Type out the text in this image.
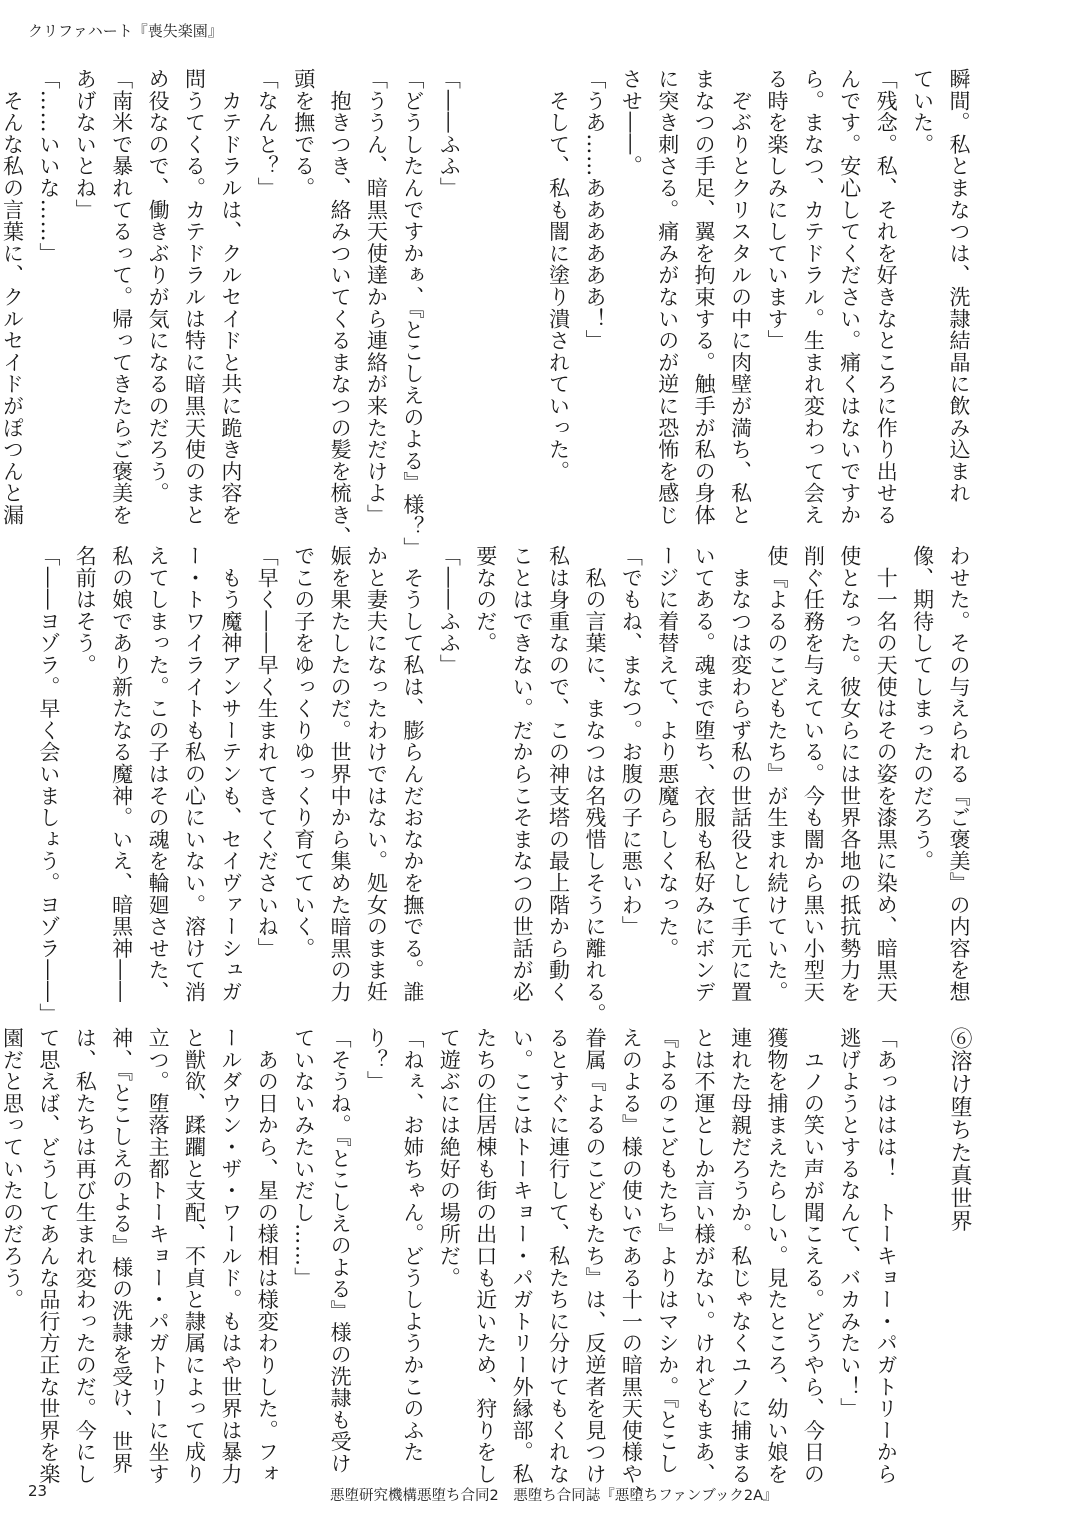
クリファハート『喪失楽園』
瞬間。私とまなつは、洗隷結晶に飲み込まれ
ていた。
「残念。私、それを好きなところに作り出せる
んです。安心してください。痛くはないですか
ら。まなつ、カテドラル。生まれ変わって会え
る時を楽しみにしています」
　ぞぶりとクリスタルの中に肉壁が満ち、私と
まなつの手足、翼を拘束する。触手が私の身体
に突き刺さる。痛みがないのが逆に恐怖を感じ
させ――。
「うあ……ああああああ！」
　そして、私も闇に塗り潰されていった。

「――ふふ」
「どうしたんですかぁ、『とこしえのよる』様？」
「ううん、暗黒天使達から連絡が来ただけよ」
　抱きつき、絡みついてくるまなつの髪を梳き、
頭を撫でる。
「なんと？」
　カテドラルは、クルセイドと共に跪き内容を
問うてくる。カテドラルは特に暗黒天使のまと
め役なので、働きぶりが気になるのだろう。
「南米で暴れてるって。帰ってきたらご褒美を
あげないとね」
「……いいな……」
　そんな私の言葉に、クルセイドがぽつんと漏
わせた。その与えられる『ご褒美』の内容を想
像、期待してしまったのだろう。
　十一名の天使はその姿を漆黒に染め、暗黒天
使となった。彼女らには世界各地の抵抗勢力を
削ぐ任務を与えている。今も闇から黒い小型天
使『よるのこどもたち』が生まれ続けていた。
　まなつは変わらず私の世話役として手元に置
いてある。魂まで堕ち、衣服も私好みにボンデ
ージに着替えて、より悪魔らしくなった。
「でもね、まなつ。お腹の子に悪いわ」
　私の言葉に、まなつは名残惜しそうに離れる。
私は身重なので、この神支塔の最上階から動く
ことはできない。だからこそまなつの世話が必
要なのだ。
「――ふふ」
　そうして私は、膨らんだおなかを撫でる。誰
かと妻夫になったわけではない。処女のまま妊
娠を果たしたのだ。世界中から集めた暗黒の力
でこの子をゆっくりゆっくり育てていく。
「早く――早く生まれてきてくださいね」
　もう魔神アンサーテンも、セイヴァーシュガ
ー・トワイライトも私の心にいない。溶けて消
えてしまった。この子はその魂を輪廻させた、
私の娘であり新たなる魔神。いえ、暗黒神――
名前はそう。
「――ヨゾラ。早く会いましょう。ヨゾラ――」
⑥溶け堕ちた真世界

「あっははは！　トーキョー・パガトリーから
逃げようとするなんて、バカみたい！」
　ユノの笑い声が聞こえる。どうやら、今日の
獲物を捕まえたらしい。見たところ、幼い娘を
連れた母親だろうか。私じゃなくユノに捕まる
とは不運としか言い様がない。けれどもまあ、
『よるのこどもたち』よりはマシか。『とこし
えのよる』様の使いである十一の暗黒天使様や、
眷属『よるのこどもたち』は、反逆者を見つけ
るとすぐに連行して、私たちに分けてもくれな
い。ここはトーキョー・パガトリー外縁部。私
たちの住居棟も街の出口も近いため、狩りをし
て遊ぶには絶好の場所だ。
「ねぇ、お姉ちゃん。どうしようかこのふた
り？」
「そうね。『とこしえのよる』様の洗隷も受け
ていないみたいだし……」
　あの日から、星の様相は様変わりした。フォ
ールダウン・ザ・ワールド。もはや世界は暴力
と獣欲、蹂躙と支配、不貞と隷属によって成り
立つ。堕落主都トーキョー・パガトリーに坐す
神、『とこしえのよる』様の洗隷を受け、世界
は、私たちは再び生まれ変わったのだ。今にし
て思えば、どうしてあんな品行方正な世界を楽
園だと思っていたのだろう。
23	悪堕研究機構悪堕ち合同2　悪堕ち合同誌『悪堕ちファンブック2A』
